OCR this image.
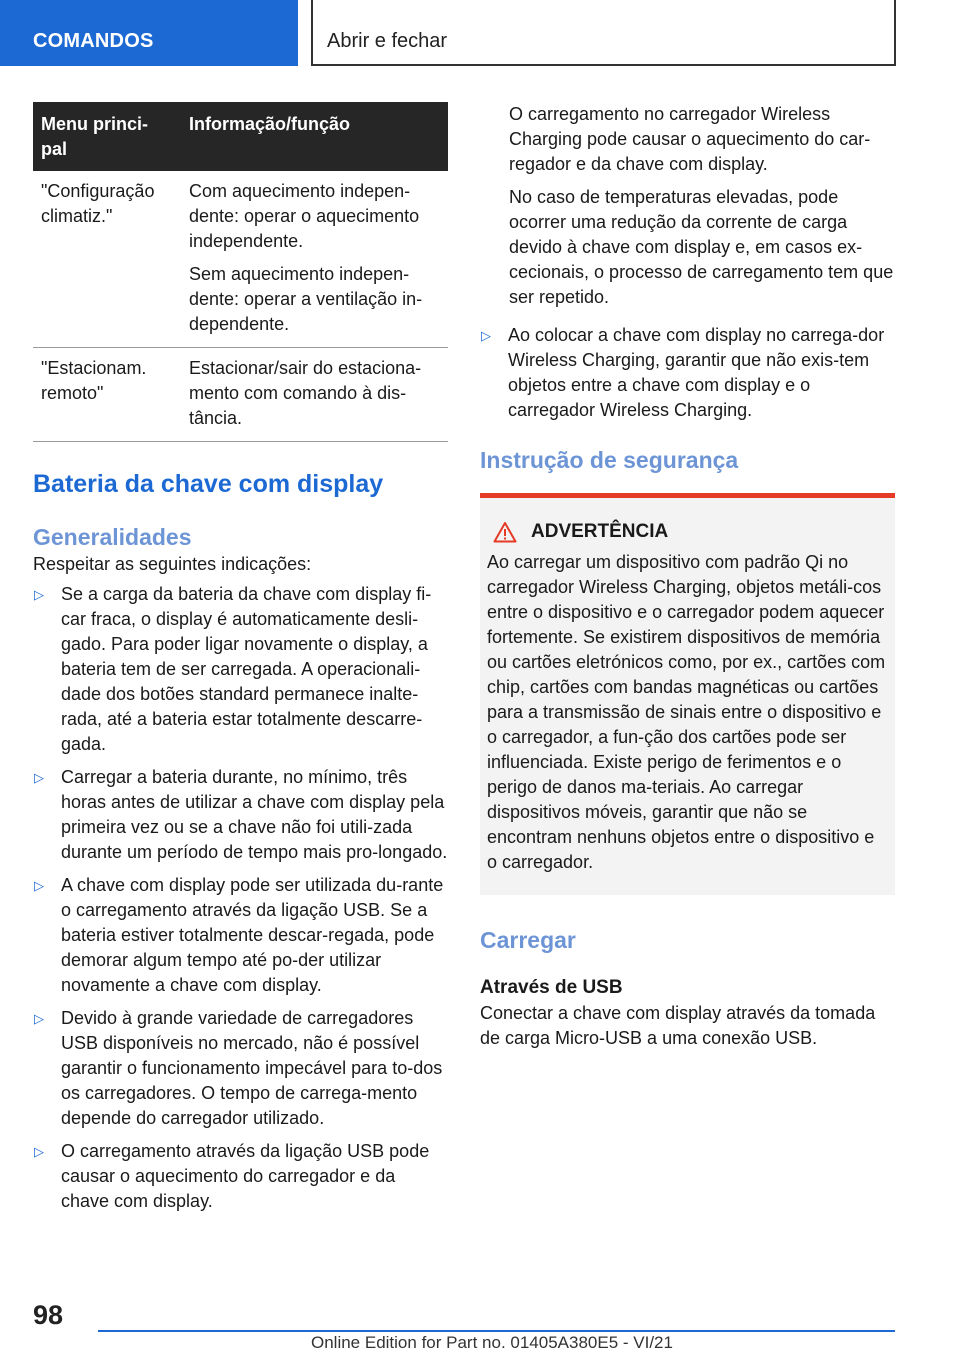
COMANDOS	Abrir e fechar
Menu princi-pal	Informação/função
"Configuração climatiz."	Com aquecimento indepen-dente: operar o aquecimento independente.

Sem aquecimento indepen-dente: operar a ventilação in-dependente.

"Estacionam. remoto"	Estacionar/sair do estaciona-mento com comando à dis-tância.

Bateria da chave com display
Generalidades

Respeitar as seguintes indicações:

▷ Se a carga da bateria da chave com display fi-car fraca, o display é automaticamente desli-gado. Para poder ligar novamente o display, a bateria tem de ser carregada. A operacionali-dade dos botões standard permanece inalte-rada, até a bateria estar totalmente descarre-gada.
▷ Carregar a bateria durante, no mínimo, três horas antes de utilizar a chave com display pela primeira vez ou se a chave não foi utili-zada durante um período de tempo mais pro-longado.
▷ A chave com display pode ser utilizada du-rante o carregamento através da ligação USB. Se a bateria estiver totalmente descar-regada, pode demorar algum tempo até po-der utilizar novamente a chave com display.
▷ Devido à grande variedade de carregadores USB disponíveis no mercado, não é possível garantir o funcionamento impecável para to-dos os carregadores. O tempo de carrega-mento depende do carregador utilizado.
▷ O carregamento através da ligação USB pode causar o aquecimento do carregador e da chave com display.

O carregamento no carregador Wireless Charging pode causar o aquecimento do car-regador e da chave com display.

No caso de temperaturas elevadas, pode ocorrer uma redução da corrente de carga devido à chave com display e, em casos ex-cecionais, o processo de carregamento tem que ser repetido.

▷ Ao colocar a chave com display no carrega-dor Wireless Charging, garantir que não exis-tem objetos entre a chave com display e o carregador Wireless Charging.
Instrução de segurança
ADVERTÊNCIA

Ao carregar um dispositivo com padrão Qi no carregador Wireless Charging, objetos metáli-cos entre o dispositivo e o carregador podem aquecer fortemente. Se existirem dispositivos de memória ou cartões eletrónicos como, por ex., cartões com chip, cartões com bandas magnéticas ou cartões para a transmissão de sinais entre o dispositivo e o carregador, a fun-ção dos cartões pode ser influenciada. Existe perigo de ferimentos e o perigo de danos ma-teriais. Ao carregar dispositivos móveis, garantir que não se encontram nenhuns objetos entre o dispositivo e o carregador.

Carregar
Através de USB

Conectar a chave com display através da tomada de carga Micro-USB a uma conexão USB.

98
Online Edition for Part no. 01405A380E5 - VI/21
